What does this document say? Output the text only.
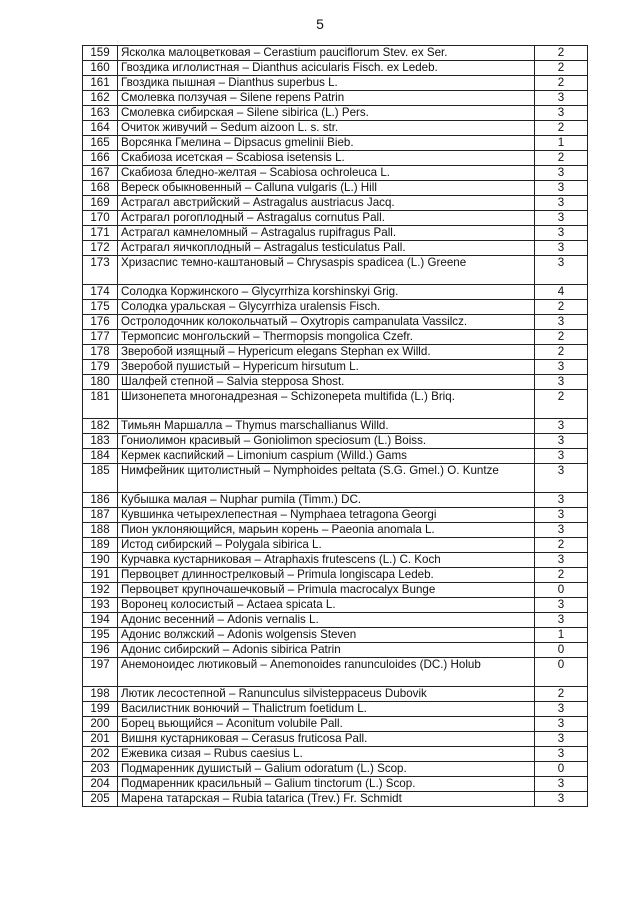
5
159	Ясколка малоцветковая – Cerastium pauciflorum Stev. ex Ser.	2
160	Гвоздика иглолистная – Dianthus acicularis Fisch. ex Ledeb.	2
161	Гвоздика пышная – Dianthus superbus L.	2
162	Смолевка ползучая – Silene repens Patrin	3
163	Смолевка сибирская – Silene sibirica (L.) Pers.	3
164	Очиток живучий – Sedum aizoon L. s. str.	2
165	Ворсянка Гмелина – Dipsacus gmelinii Bieb.	1
166	Скабиоза исетская – Scabiosa isetensis L.	2
167	Скабиоза бледно-желтая – Scabiosa ochroleuca L.	3
168	Вереск обыкновенный – Calluna vulgaris (L.) Hill	3
169	Астрагал австрийский – Astragalus austriacus Jacq.	3
170	Астрагал рогоплодный – Astragalus cornutus Pall.	3
171	Астрагал камнеломный – Astragalus rupifragus Pall.	3
172	Астрагал яичкоплодный – Astragalus testiculatus Pall.	3
173	Хризаспис темно-каштановый – Chrysaspis spadicea (L.) Greene	3
174	Солодка Коржинского – Glycyrrhiza korshinskyi Grig.	4
175	Солодка уральская – Glycyrrhiza uralensis Fisch.	2
176	Остролодочник колокольчатый – Oxytropis campanulata Vassilcz.	3
177	Термопсис монгольский – Thermopsis mongolica Czefr.	2
178	Зверобой изящный – Hypericum elegans Stephan ex Willd.	2
179	Зверобой пушистый – Hypericum hirsutum L.	3
180	Шалфей степной – Salvia stepposa Shost.	3
181	Шизонепета многонадрезная – Schizonepeta multifida (L.) Briq.	2
182	Тимьян Маршалла – Thymus marschallianus Willd.	3
183	Гониолимон красивый – Goniolimon speciosum (L.) Boiss.	3
184	Кермек каспийский – Limonium caspium (Willd.) Gams	3
185	Нимфейник щитолистный – Nymphoides peltata (S.G. Gmel.) O. Kuntze	3
186	Кубышка малая – Nuphar pumila (Timm.) DC.	3
187	Кувшинка четырехлепестная – Nymphaea tetragona Georgi	3
188	Пион уклоняющийся, марьин корень – Paeonia anomala L.	3
189	Истод сибирский – Polygala sibirica L.	2
190	Курчавка кустарниковая – Atraphaxis frutescens (L.) C. Koch	3
191	Первоцвет длиннострелковый – Primula longiscapa Ledeb.	2
192	Первоцвет крупночашечковый – Primula macrocalyx Bunge	0
193	Воронец колосистый – Actaea spicata L.	3
194	Адонис весенний – Adonis vernalis L.	3
195	Адонис волжский – Adonis wolgensis Steven	1
196	Адонис сибирский – Adonis sibirica Patrin	0
197	Анемоноидес лютиковый – Anemonoides ranunculoides (DC.) Holub	0
198	Лютик лесостепной – Ranunculus silvisteppaceus Dubovik	2
199	Василистник вонючий – Thalictrum foetidum L.	3
200	Борец вьющийся – Aconitum volubile Pall.	3
201	Вишня кустарниковая – Cerasus fruticosa Pall.	3
202	Ежевика сизая – Rubus caesius L.	3
203	Подмаренник душистый – Galium odoratum (L.) Scop.	0
204	Подмаренник красильный – Galium tinctorum (L.) Scop.	3
205	Марена татарская – Rubia tatarica (Trev.) Fr. Schmidt	3
